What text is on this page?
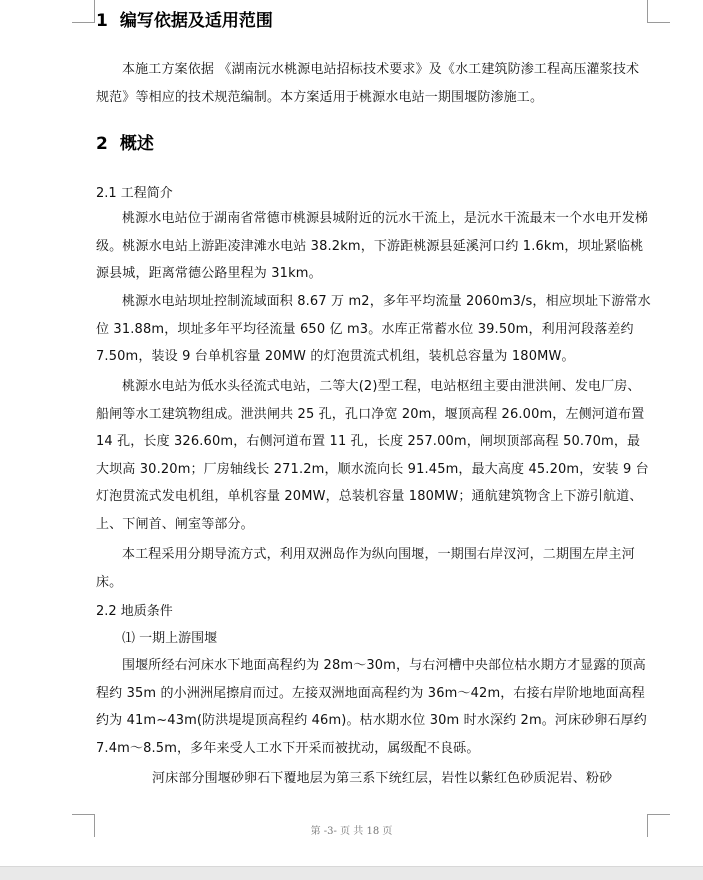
1 编写依据及适用范围
本施工方案依据 《湖南沅水桃源电站招标技术要求》及《水工建筑防渗工程高压灌浆技术规范》等相应的技术规范编制。本方案适用于桃源水电站一期围堰防渗施工。
2 概述
2.1 工程简介
桃源水电站位于湖南省常德市桃源县城附近的沅水干流上，是沅水干流最末一个水电开发梯级。桃源水电站上游距凌津滩水电站 38.2km，下游距桃源县延溪河口约 1.6km，坝址紧临桃源县城，距离常德公路里程为 31km。
桃源水电站坝址控制流域面积 8.67 万 m2，多年平均流量 2060m3/s，相应坝址下游常水位 31.88m，坝址多年平均径流量 650 亿 m3。水库正常蓄水位 39.50m，利用河段落差约 7.50m，装设 9 台单机容量 20MW 的灯泡贯流式机组，装机总容量为 180MW。
桃源水电站为低水头径流式电站，二等大(2)型工程，电站枢纽主要由泄洪闸、发电厂房、船闸等水工建筑物组成。泄洪闸共 25 孔，孔口净宽 20m，堰顶高程 26.00m，左侧河道布置 14 孔，长度 326.60m，右侧河道布置 11 孔，长度 257.00m，闸坝顶部高程 50.70m，最大坝高 30.20m；厂房轴线长 271.2m，顺水流向长 91.45m，最大高度 45.20m，安装 9 台灯泡贯流式发电机组，单机容量 20MW，总装机容量 180MW；通航建筑物含上下游引航道、上、下闸首、闸室等部分。
本工程采用分期导流方式，利用双洲岛作为纵向围堰，一期围右岸汊河，二期围左岸主河床。
2.2 地质条件
⑴ 一期上游围堰
围堰所经右河床水下地面高程约为 28m～30m，与右河槽中央部位枯水期方才显露的顶高程约 35m 的小洲洲尾擦肩而过。左接双洲地面高程约为 36m～42m，右接右岸阶地地面高程约为 41m~43m(防洪堤堤顶高程约 46m)。枯水期水位 30m 时水深约 2m。河床砂卵石厚约 7.4m～8.5m，多年来受人工水下开采而被扰动，属级配不良砾。
河床部分围堰砂卵石下覆地层为第三系下统红层，岩性以紫红色砂质泥岩、粉砂
第 -3- 页 共 18 页
